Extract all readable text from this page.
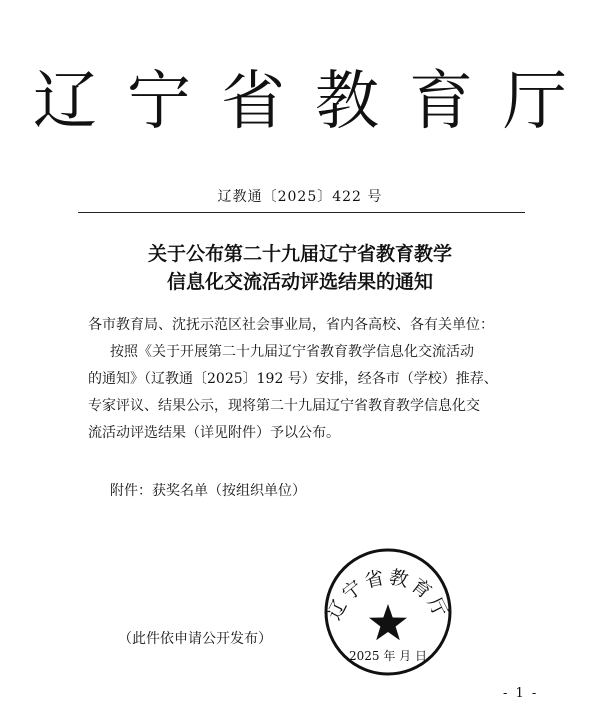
辽宁省教育厅
辽教通〔2025〕422 号
关于公布第二十九届辽宁省教育教学
信息化交流活动评选结果的通知
各市教育局、沈抚示范区社会事业局，省内各高校、各有关单位：
按照《关于开展第二十九届辽宁省教育教学信息化交流活动
的通知》（辽教通〔2025〕192 号）安排，经各市（学校）推荐、
专家评议、结果公示，现将第二十九届辽宁省教育教学信息化交
流活动评选结果（详见附件）予以公布。
附件：获奖名单（按组织单位）
辽宁省教育厅
2025 年 月 日
（此件依申请公开发布）
- 1 -
